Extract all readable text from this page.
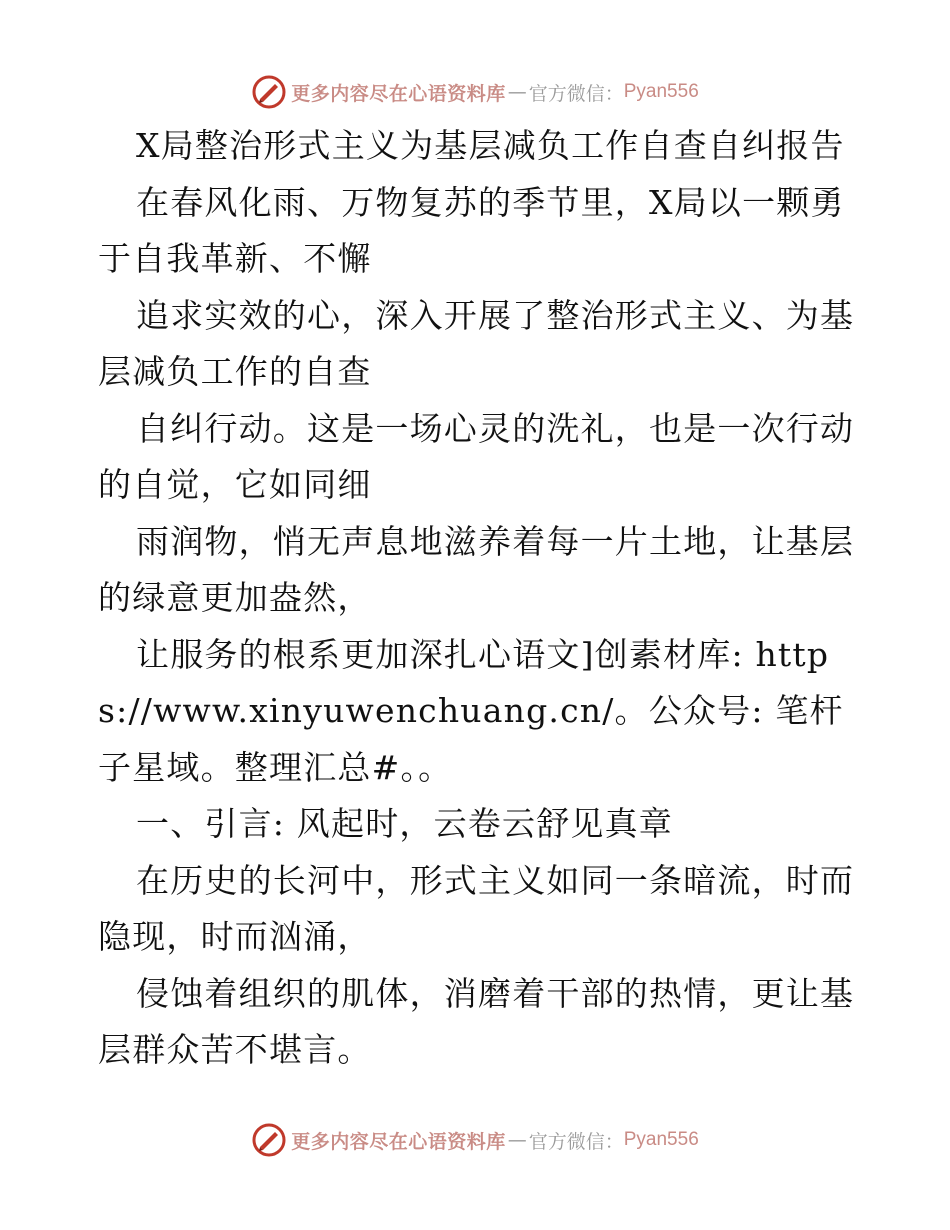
更多内容尽在心语资料库 — 官方微信： Pyan556

X局整治形式主义为基层减负工作自查自纠报告

在春风化雨、万物复苏的季节里，X局以一颗勇于自我革新、不懈

追求实效的心，深入开展了整治形式主义、为基层减负工作的自查

自纠行动。这是一场心灵的洗礼，也是一次行动的自觉，它如同细

雨润物，悄无声息地滋养着每一片土地，让基层的绿意更加盎然，

让服务的根系更加深扎心语文]创素材库: https://www.xinyuwenchuang.cn/。公众号: 笔杆子星域。整理汇总#。。

一、引言: 风起时，云卷云舒见真章

在历史的长河中，形式主义如同一条暗流，时而隐现，时而汹涌，

侵蚀着组织的肌体，消磨着干部的热情，更让基层群众苦不堪言。

更多内容尽在心语资料库 — 官方微信： Pyan556
